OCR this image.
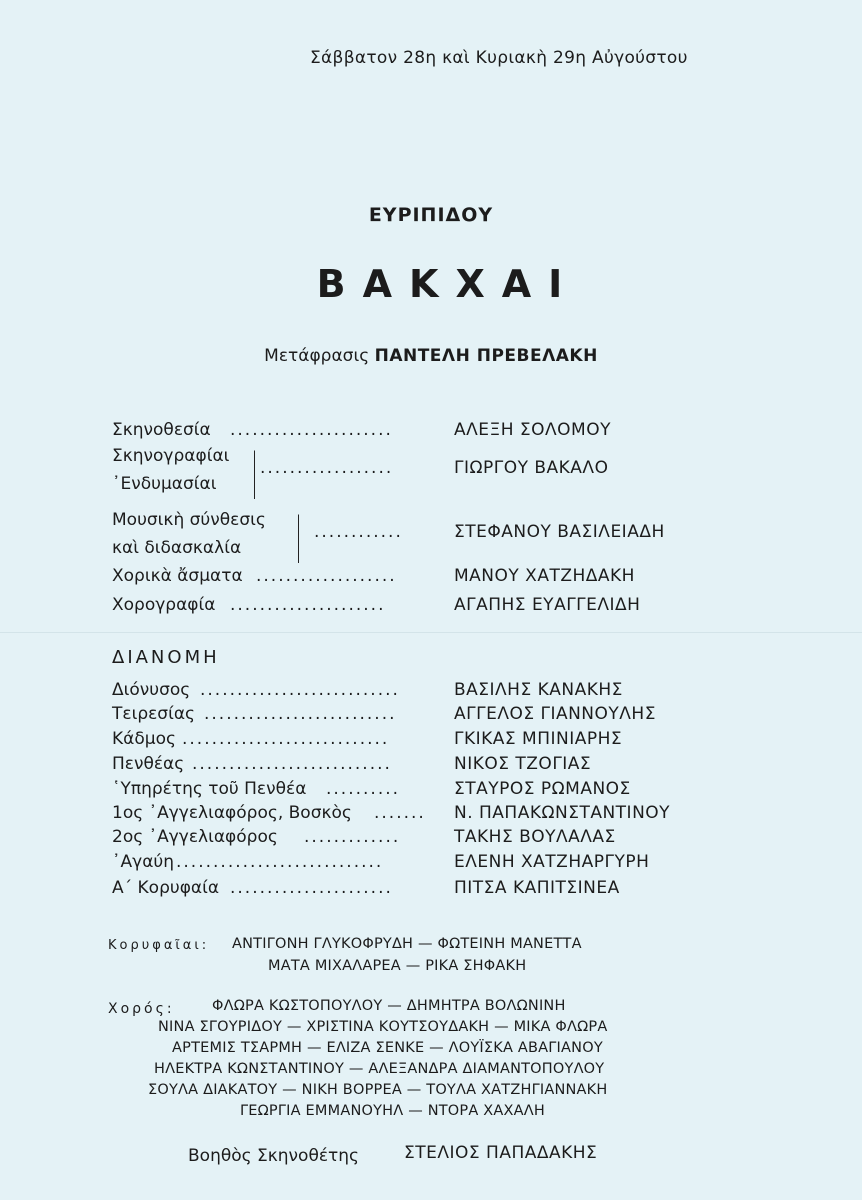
Σάββατον 28η καὶ Κυριακὴ 29η Αὐγούστου
ΕΥΡΙΠΙΔΟΥ
ΒΑΚΧΑΙ
Μετάφρασις ΠΑΝΤΕΛΗ ΠΡΕΒΕΛΑΚΗ
Σκηνοθεσία ......................	ΑΛΕΞΗ ΣΟΛΟΜΟΥ
Σκηνογραφίαι
᾿Ενδυμασίαι
..................	ΓΙΩΡΓΟΥ ΒΑΚΑΛΟ
Μουσικὴ σύνθεσις
καὶ διδασκαλία
............	ΣΤΕΦΑΝΟΥ ΒΑΣΙΛΕΙΑΔΗ
Χορικὰ ἄσματα ...................	ΜΑΝΟΥ ΧΑΤΖΗΔΑΚΗ
Χορογραφία .....................	ΑΓΑΠΗΣ ΕΥΑΓΓΕΛΙΔΗ
ΔΙΑΝΟΜΗ
Διόνυσος ...........................	ΒΑΣΙΛΗΣ ΚΑΝΑΚΗΣ
Τειρεσίας ..........................	ΑΓΓΕΛΟΣ ΓΙΑΝΝΟΥΛΗΣ
Κάδμος ............................	ΓΚΙΚΑΣ ΜΠΙΝΙΑΡΗΣ
Πενθέας ...........................	ΝΙΚΟΣ ΤΖΟΓΙΑΣ
῾Υπηρέτης τοῦ Πενθέα ..........	ΣΤΑΥΡΟΣ ΡΩΜΑΝΟΣ
1ος ᾿Αγγελιαφόρος, Βοσκὸς .......	Ν. ΠΑΠΑΚΩΝΣΤΑΝΤΙΝΟΥ
2ος ᾿Αγγελιαφόρος .............	ΤΑΚΗΣ ΒΟΥΛΑΛΑΣ
᾿Αγαύη ............................	ΕΛΕΝΗ ΧΑΤΖΗΑΡΓΥΡΗ
Α΄ Κορυφαία ......................	ΠΙΤΣΑ ΚΑΠΙΤΣΙΝΕΑ
Κορυφαῖαι: ΑΝΤΙΓΟΝΗ ΓΛΥΚΟΦΡΥΔΗ — ΦΩΤΕΙΝΗ ΜΑΝΕΤΤΑ
ΜΑΤΑ ΜΙΧΑΛΑΡΕΑ — ΡΙΚΑ ΣΗΦΑΚΗ
Χορός:	ΦΛΩΡΑ ΚΩΣΤΟΠΟΥΛΟΥ — ΔΗΜΗΤΡΑ ΒΟΛΩΝΙΝΗ
ΝΙΝΑ ΣΓΟΥΡΙΔΟΥ — ΧΡΙΣΤΙΝΑ ΚΟΥΤΣΟΥΔΑΚΗ — ΜΙΚΑ ΦΛΩΡΑ
ΑΡΤΕΜΙΣ ΤΣΑΡΜΗ — ΕΛΙΖΑ ΣΕΝΚΕ — ΛΟΥΪΣΚΑ ΑΒΑΓΙΑΝΟΥ
ΗΛΕΚΤΡΑ ΚΩΝΣΤΑΝΤΙΝΟΥ — ΑΛΕΞΑΝΔΡΑ ΔΙΑΜΑΝΤΟΠΟΥΛΟΥ
ΣΟΥΛΑ ΔΙΑΚΑΤΟΥ — ΝΙΚΗ ΒΟΡΡΕΑ — ΤΟΥΛΑ ΧΑΤΖΗΓΙΑΝΝΑΚΗ
ΓΕΩΡΓΙΑ ΕΜΜΑΝΟΥΗΛ — ΝΤΟΡΑ ΧΑΧΑΛΗ
Βοηθὸς Σκηνοθέτης	ΣΤΕΛΙΟΣ ΠΑΠΑΔΑΚΗΣ
